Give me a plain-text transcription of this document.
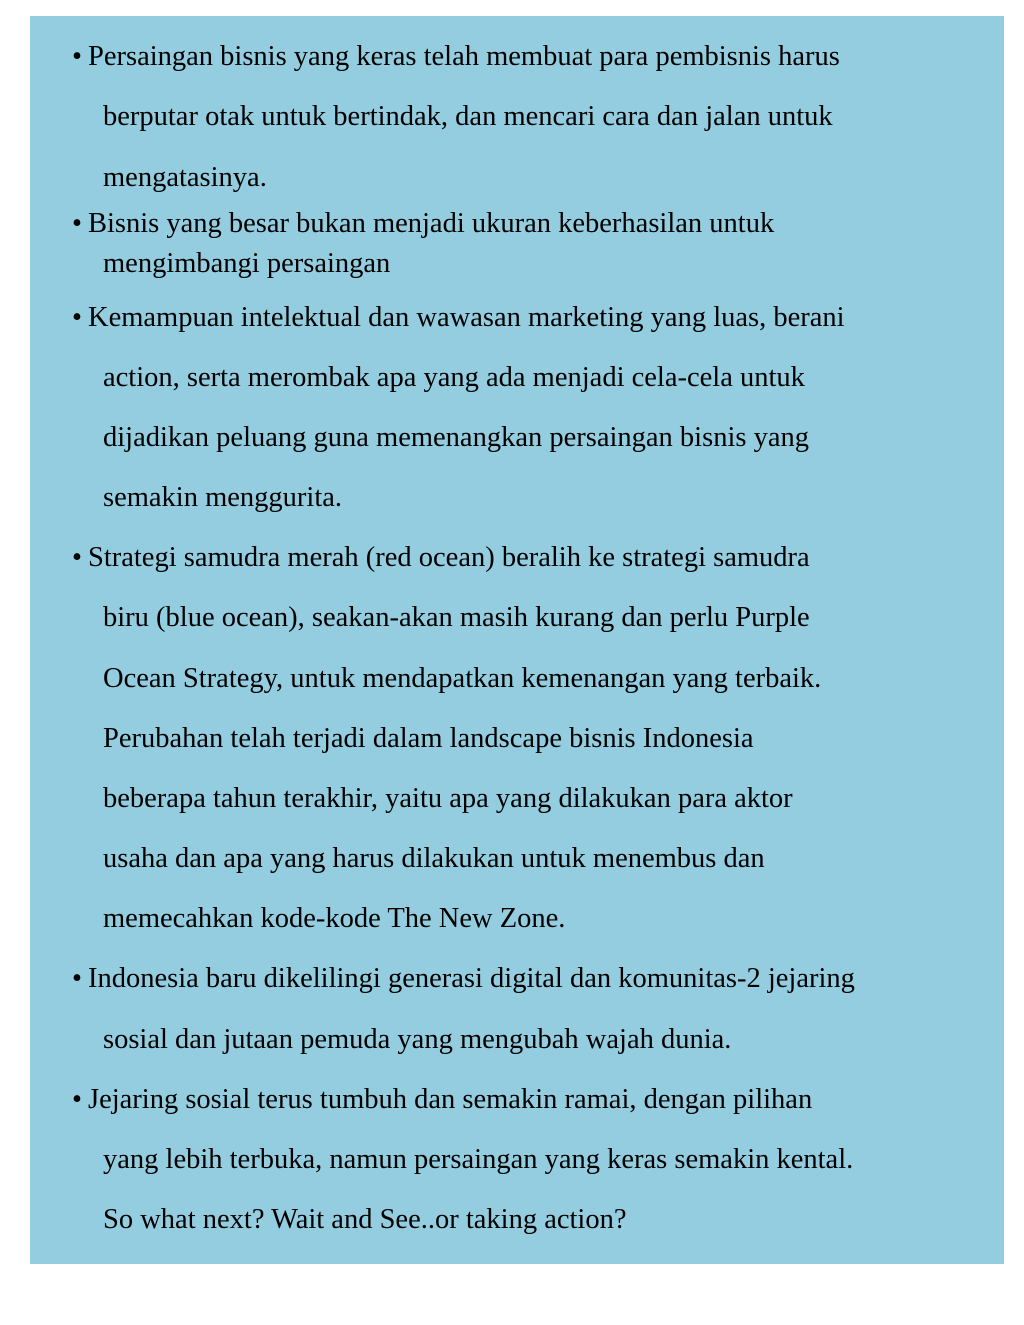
• Persaingan bisnis yang keras telah membuat para pembisnis harus
berputar otak untuk bertindak, dan mencari cara dan jalan untuk
mengatasinya.
• Bisnis yang besar bukan menjadi ukuran keberhasilan untuk
mengimbangi persaingan
• Kemampuan intelektual dan wawasan marketing yang luas, berani
action, serta merombak apa yang ada menjadi cela-cela untuk
dijadikan peluang guna memenangkan persaingan bisnis yang
semakin menggurita.
• Strategi samudra merah (red ocean) beralih ke strategi samudra
biru (blue ocean), seakan-akan masih kurang dan perlu Purple
Ocean Strategy, untuk mendapatkan kemenangan yang terbaik.
Perubahan telah terjadi dalam landscape bisnis Indonesia
beberapa tahun terakhir, yaitu apa yang dilakukan para aktor
usaha dan apa yang harus dilakukan untuk menembus dan
memecahkan kode-kode The New Zone.
• Indonesia baru dikelilingi generasi digital dan komunitas-2 jejaring
sosial dan jutaan pemuda yang mengubah wajah dunia.
• Jejaring sosial terus tumbuh dan semakin ramai, dengan pilihan
yang lebih terbuka, namun persaingan yang keras semakin kental.
So what next? Wait and See..or taking action?
